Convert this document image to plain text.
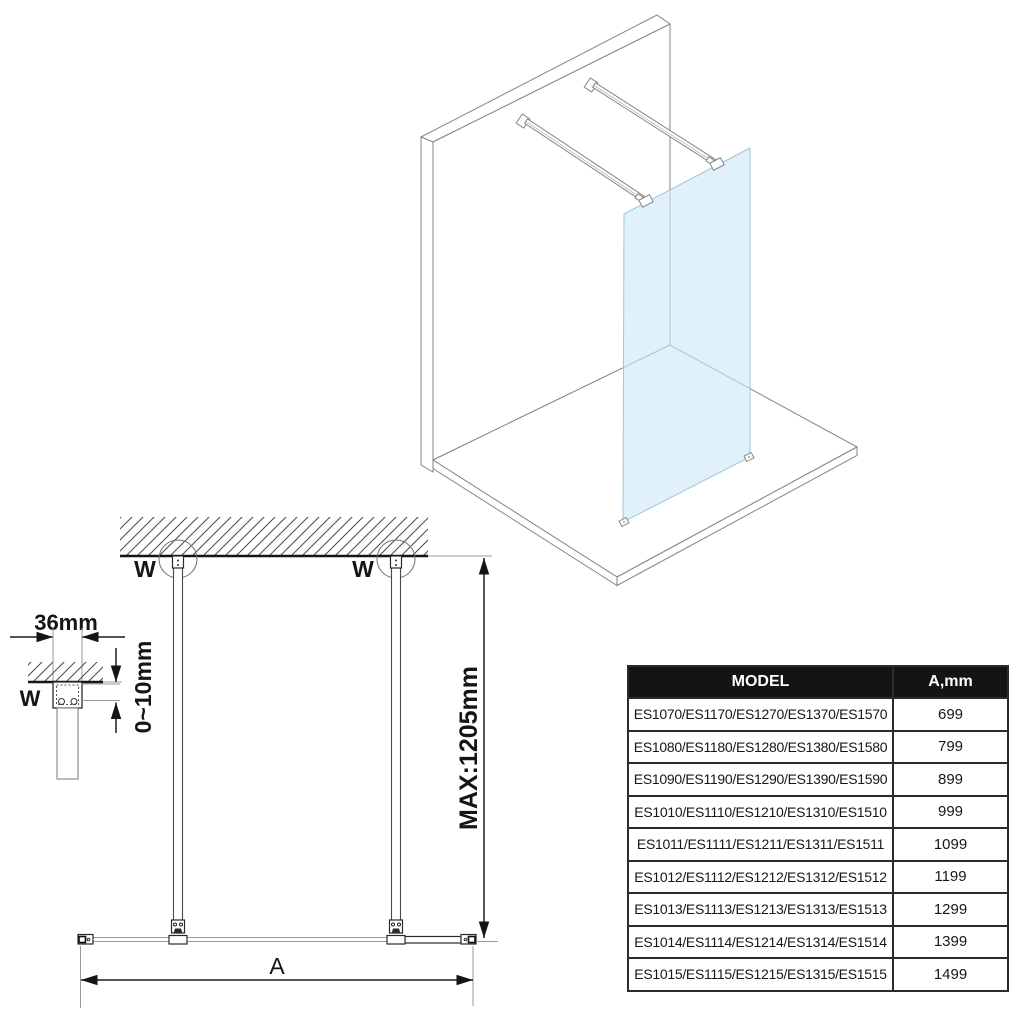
W	W
A
MAX:1205mm
36mm
0~10mm
W
MODEL	A,mm
ES1070/ES1170/ES1270/ES1370/ES1570	699
ES1080/ES1180/ES1280/ES1380/ES1580	799
ES1090/ES1190/ES1290/ES1390/ES1590	899
ES1010/ES1110/ES1210/ES1310/ES1510	999
ES1011/ES1111/ES1211/ES1311/ES1511	1099
ES1012/ES1112/ES1212/ES1312/ES1512	1199
ES1013/ES1113/ES1213/ES1313/ES1513	1299
ES1014/ES1114/ES1214/ES1314/ES1514	1399
ES1015/ES1115/ES1215/ES1315/ES1515	1499
